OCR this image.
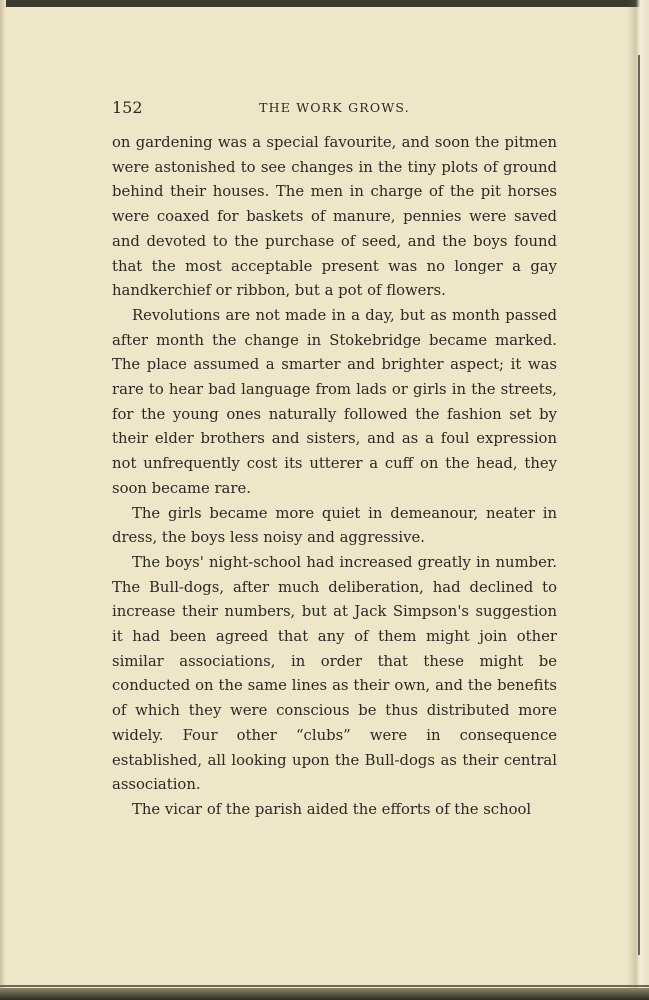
152	THE WORK GROWS.

on gardening was a special favourite, and soon the pitmen were astonished to see changes in the tiny plots of ground behind their houses. The men in charge of the pit horses were coaxed for baskets of manure, pennies were saved and devoted to the purchase of seed, and the boys found that the most acceptable present was no longer a gay handkerchief or ribbon, but a pot of flowers.

Revolutions are not made in a day, but as month passed after month the change in Stokebridge became marked. The place assumed a smarter and brighter aspect; it was rare to hear bad language from lads or girls in the streets, for the young ones naturally followed the fashion set by their elder brothers and sisters, and as a foul expression not unfrequently cost its utterer a cuff on the head, they soon became rare.

The girls became more quiet in demeanour, neater in dress, the boys less noisy and aggressive.

The boys' night-school had increased greatly in number. The Bull-dogs, after much deliberation, had declined to increase their numbers, but at Jack Simpson's suggestion it had been agreed that any of them might join other similar associations, in order that these might be conducted on the same lines as their own, and the benefits of which they were conscious be thus distributed more widely. Four other “clubs” were in consequence established, all looking upon the Bull-dogs as their central association.

The vicar of the parish aided the efforts of the school
